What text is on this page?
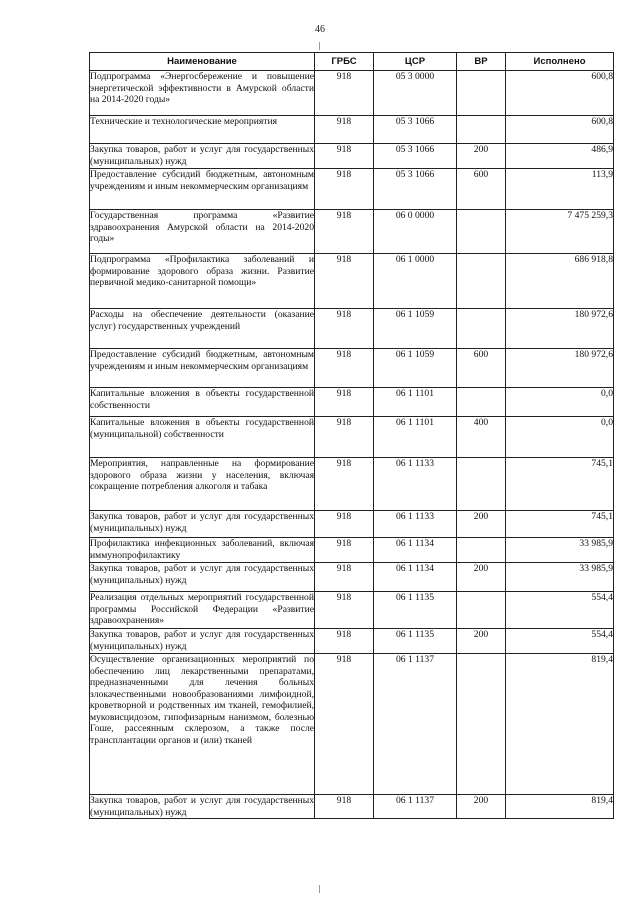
46
Наименование	ГРБС	ЦСР	ВР	Исполнено
Подпрограмма «Энергосбережение и повышение энергетической эффективности в Амурской области на 2014-2020 годы»	918	05 3 0000		600,8
Технические и технологические мероприятия	918	05 3 1066		600,8
Закупка товаров, работ и услуг для государственных (муниципальных) нужд	918	05 3 1066	200	486,9
Предоставление субсидий бюджетным, автономным учреждениям и иным некоммерческим организациям	918	05 3 1066	600	113,9
Государственная программа «Развитие здравоохранения Амурской области на 2014-2020 годы»	918	06 0 0000		7 475 259,3
Подпрограмма «Профилактика заболеваний и формирование здорового образа жизни. Развитие первичной медико-санитарной помощи»	918	06 1 0000		686 918,8
Расходы на обеспечение деятельности (оказание услуг) государственных учреждений	918	06 1 1059		180 972,6
Предоставление субсидий бюджетным, автономным учреждениям и иным некоммерческим организациям	918	06 1 1059	600	180 972,6
Капитальные вложения в объекты государственной собственности	918	06 1 1101		0,0
Капитальные вложения в объекты государственной (муниципальной) собственности	918	06 1 1101	400	0,0
Мероприятия, направленные на формирование здорового образа жизни у населения, включая сокращение потребления алкоголя и табака	918	06 1 1133		745,1
Закупка товаров, работ и услуг для государственных (муниципальных) нужд	918	06 1 1133	200	745,1
Профилактика инфекционных заболеваний, включая иммунопрофилактику	918	06 1 1134		33 985,9
Закупка товаров, работ и услуг для государственных (муниципальных) нужд	918	06 1 1134	200	33 985,9
Реализация отдельных мероприятий государственной программы Российской Федерации «Развитие здравоохранения»	918	06 1 1135		554,4
Закупка товаров, работ и услуг для государственных (муниципальных) нужд	918	06 1 1135	200	554,4
Осуществление организационных мероприятий по обеспечению лиц лекарственными препаратами, предназначенными для лечения больных злокачественными новообразованиями лимфоидной, кроветворной и родственных им тканей, гемофилией, муковисцидозом, гипофизарным нанизмом, болезнью Гоше, рассеянным склерозом, а также после трансплантации органов и (или) тканей	918	06 1 1137		819,4
Закупка товаров, работ и услуг для государственных (муниципальных) нужд	918	06 1 1137	200	819,4
